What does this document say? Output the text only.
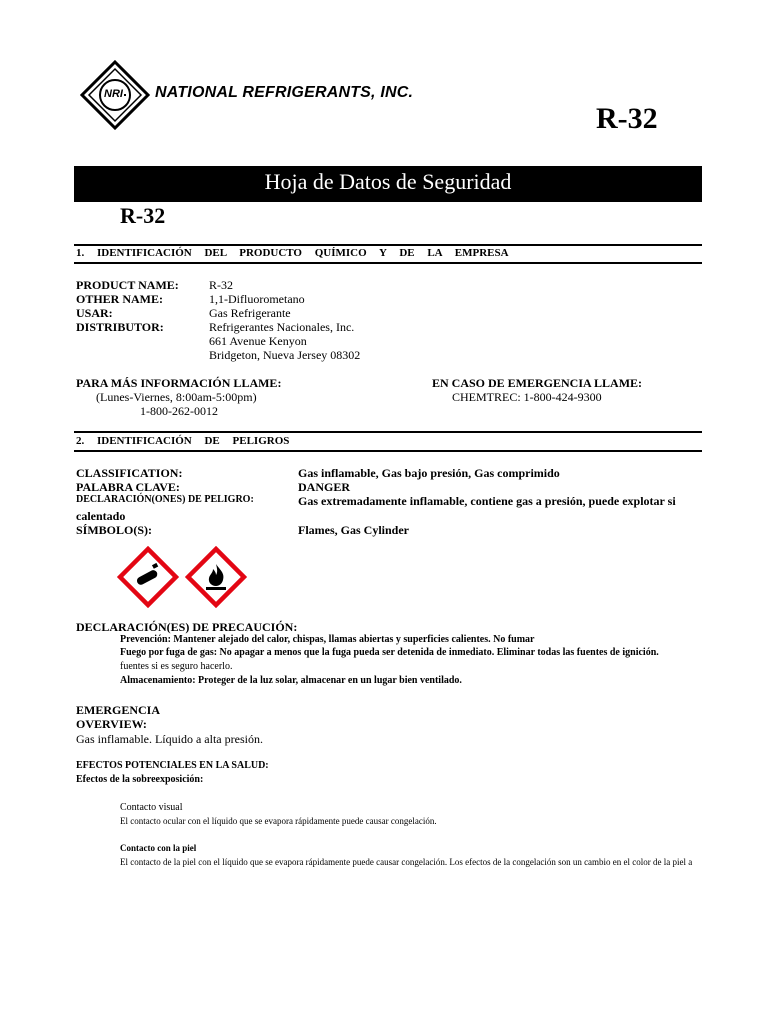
NRI NATIONAL REFRIGERANTS, INC.
R-32
Hoja de Datos de Seguridad
R-32
1. IDENTIFICACIÓN DEL PRODUCTO QUÍMICO Y DE LA EMPRESA
PRODUCT NAME:	R-32
OTHER NAME:	1,1-Difluorometano
USAR:	Gas Refrigerante
DISTRIBUTOR:	Refrigerantes Nacionales, Inc.
661 Avenue Kenyon
Bridgeton, Nueva Jersey 08302
PARA MÁS INFORMACIÓN LLAME:
(Lunes-Viernes, 8:00am-5:00pm)
1-800-262-0012
EN CASO DE EMERGENCIA LLAME:
CHEMTREC: 1-800-424-9300
2. IDENTIFICACIÓN DE PELIGROS
CLASSIFICATION:	Gas inflamable, Gas bajo presión, Gas comprimido
PALABRA CLAVE:	DANGER
DECLARACIÓN(ONES) DE PELIGRO:	Gas extremadamente inflamable, contiene gas a presión, puede explotar si
calentado
SÍMBOLO(S):	Flames, Gas Cylinder
DECLARACIÓN(ES) DE PRECAUCIÓN:
Prevención: Mantener alejado del calor, chispas, llamas abiertas y superficies calientes. No fumar
Fuego por fuga de gas: No apagar a menos que la fuga pueda ser detenida de inmediato. Eliminar todas las fuentes de ignición.
fuentes si es seguro hacerlo.
Almacenamiento: Proteger de la luz solar, almacenar en un lugar bien ventilado.
EMERGENCIA
OVERVIEW:
Gas inflamable. Líquido a alta presión.
EFECTOS POTENCIALES EN LA SALUD:
Efectos de la sobreexposición:
Contacto visual
El contacto ocular con el líquido que se evapora rápidamente puede causar congelación.
Contacto con la piel
El contacto de la piel con el líquido que se evapora rápidamente puede causar congelación. Los efectos de la congelación son un cambio en el color de la piel a
